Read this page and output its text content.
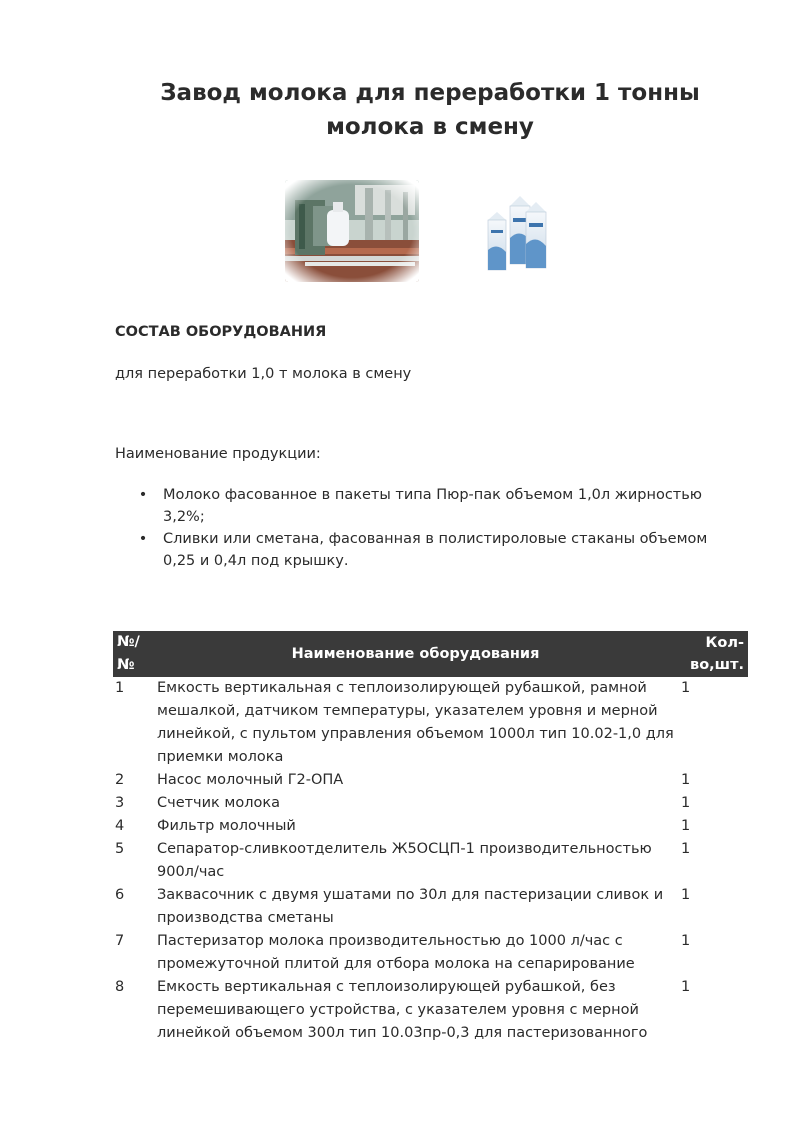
Завод молока для переработки 1 тонны молока в смену
СОСТАВ ОБОРУДОВАНИЯ
для переработки 1,0 т молока в смену
Наименование продукции:
• Молоко фасованное в пакеты типа Пюр-пак объемом 1,0л жирностью 3,2%;
• Сливки или сметана, фасованная в полистироловые стаканы объемом 0,25 и 0,4л под крышку.
№/№	Наименование оборудования	Кол-во,шт.
1	Емкость вертикальная с теплоизолирующей рубашкой, рамной мешалкой, датчиком температуры, указателем уровня и мерной линейкой, с пультом управления объемом 1000л тип 10.02-1,0 для приемки молока	1
2	Насос молочный Г2-ОПА	1
3	Счетчик молока	1
4	Фильтр молочный	1
5	Сепаратор-сливкоотделитель Ж5ОСЦП-1 производительностью 900л/час	1
6	Заквасочник с двумя ушатами по 30л для пастеризации сливок и производства сметаны	1
7	Пастеризатор молока производительностью до 1000 л/час с промежуточной плитой для отбора молока на сепарирование	1
8	Емкость вертикальная с теплоизолирующей рубашкой, без перемешивающего устройства, с указателем уровня с мерной линейкой объемом 300л тип 10.03пр-0,3 для пастеризованного	1
